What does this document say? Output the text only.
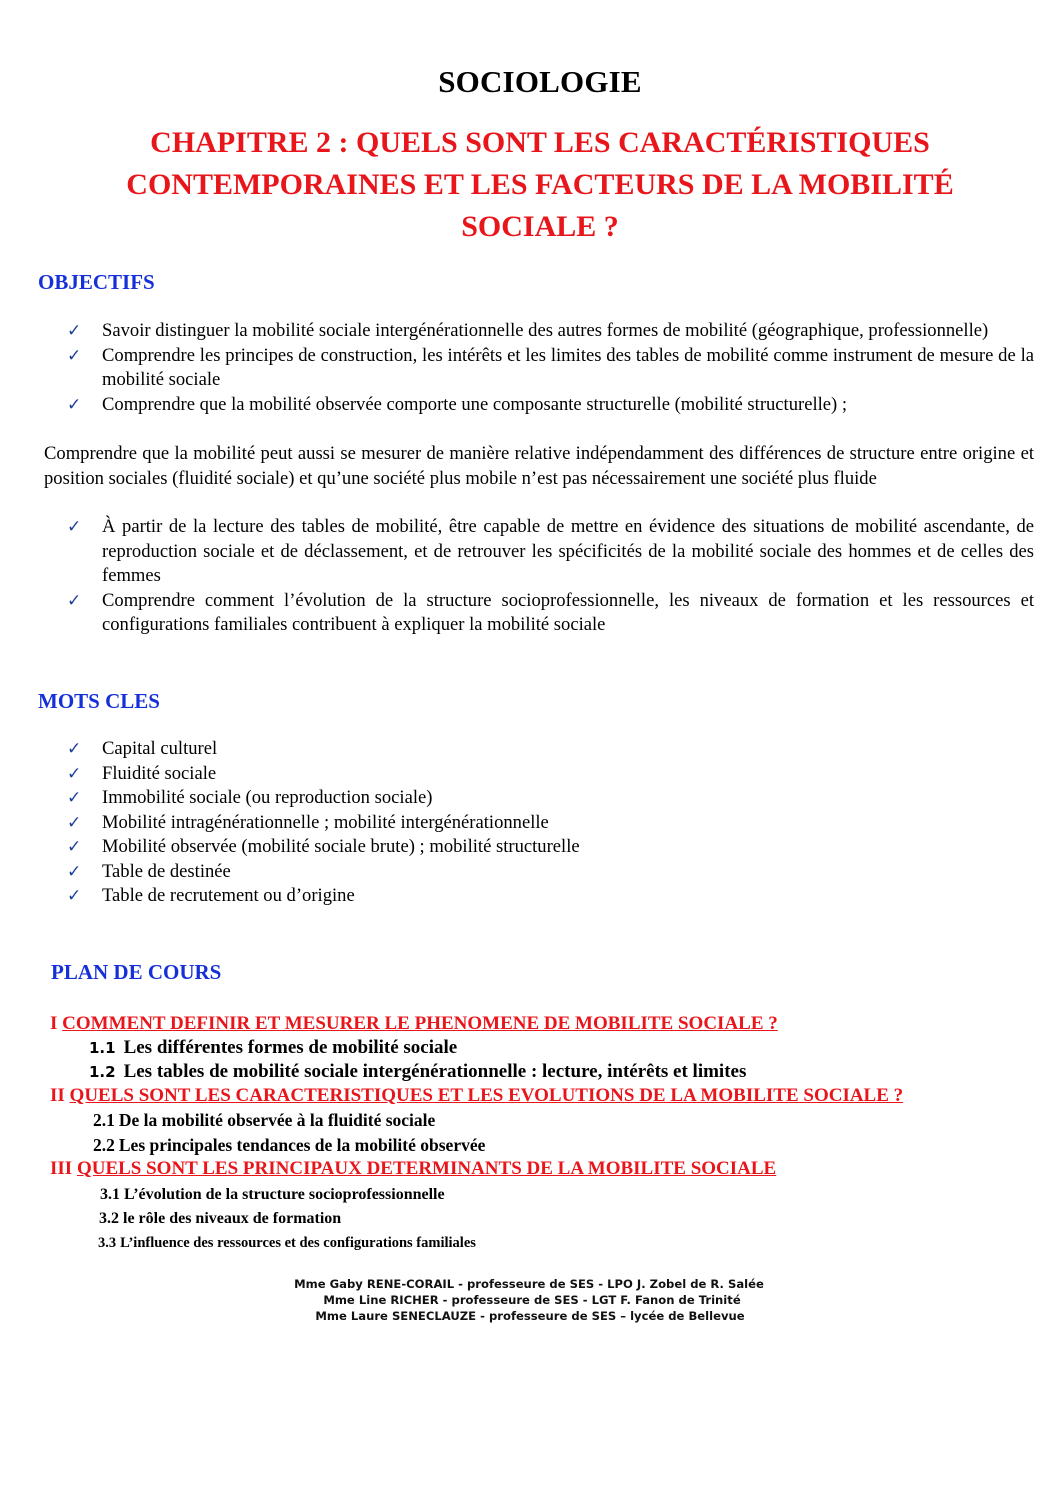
SOCIOLOGIE
CHAPITRE 2 : QUELS SONT LES CARACTÉRISTIQUES CONTEMPORAINES ET LES FACTEURS DE LA MOBILITÉ SOCIALE ?
OBJECTIFS
✓	Savoir distinguer la mobilité sociale intergénérationnelle des autres formes de mobilité (géographique, professionnelle)
✓	Comprendre les principes de construction, les intérêts et les limites des tables de mobilité comme instrument de mesure de la mobilité sociale
✓	Comprendre que la mobilité observée comporte une composante structurelle (mobilité structurelle) ;
Comprendre que la mobilité peut aussi se mesurer de manière relative indépendamment des différences de structure entre origine et position sociales (fluidité sociale) et qu’une société plus mobile n’est pas nécessairement une société plus fluide
✓	À partir de la lecture des tables de mobilité, être capable de mettre en évidence des situations de mobilité ascendante, de reproduction sociale et de déclassement, et de retrouver les spécificités de la mobilité sociale des hommes et de celles des femmes
✓	Comprendre comment l’évolution de la structure socioprofessionnelle, les niveaux de formation et les ressources et configurations familiales contribuent à expliquer la mobilité sociale
MOTS CLES
✓	Capital culturel
✓	Fluidité sociale
✓	Immobilité sociale (ou reproduction sociale)
✓	Mobilité intragénérationnelle ; mobilité intergénérationnelle
✓	Mobilité observée (mobilité sociale brute) ; mobilité structurelle
✓	Table de destinée
✓	Table de recrutement ou d’origine
PLAN DE COURS
I COMMENT DEFINIR ET MESURER LE PHENOMENE DE MOBILITE SOCIALE ?
1.1 Les différentes formes de mobilité sociale
1.2 Les tables de mobilité sociale intergénérationnelle : lecture, intérêts et limites
II QUELS SONT LES CARACTERISTIQUES ET LES EVOLUTIONS DE LA MOBILITE SOCIALE ?
2.1 De la mobilité observée à la fluidité sociale
2.2 Les principales tendances de la mobilité observée
III QUELS SONT LES PRINCIPAUX DETERMINANTS DE LA MOBILITE SOCIALE
3.1 L’évolution de la structure socioprofessionnelle
3.2 le rôle des niveaux de formation
3.3 L’influence des ressources et des configurations familiales
Mme Gaby RENE-CORAIL - professeure de SES - LPO J. Zobel de R. Salée
Mme Line RICHER - professeure de SES - LGT F. Fanon de Trinité
Mme Laure SENECLAUZE - professeure de SES – lycée de Bellevue
